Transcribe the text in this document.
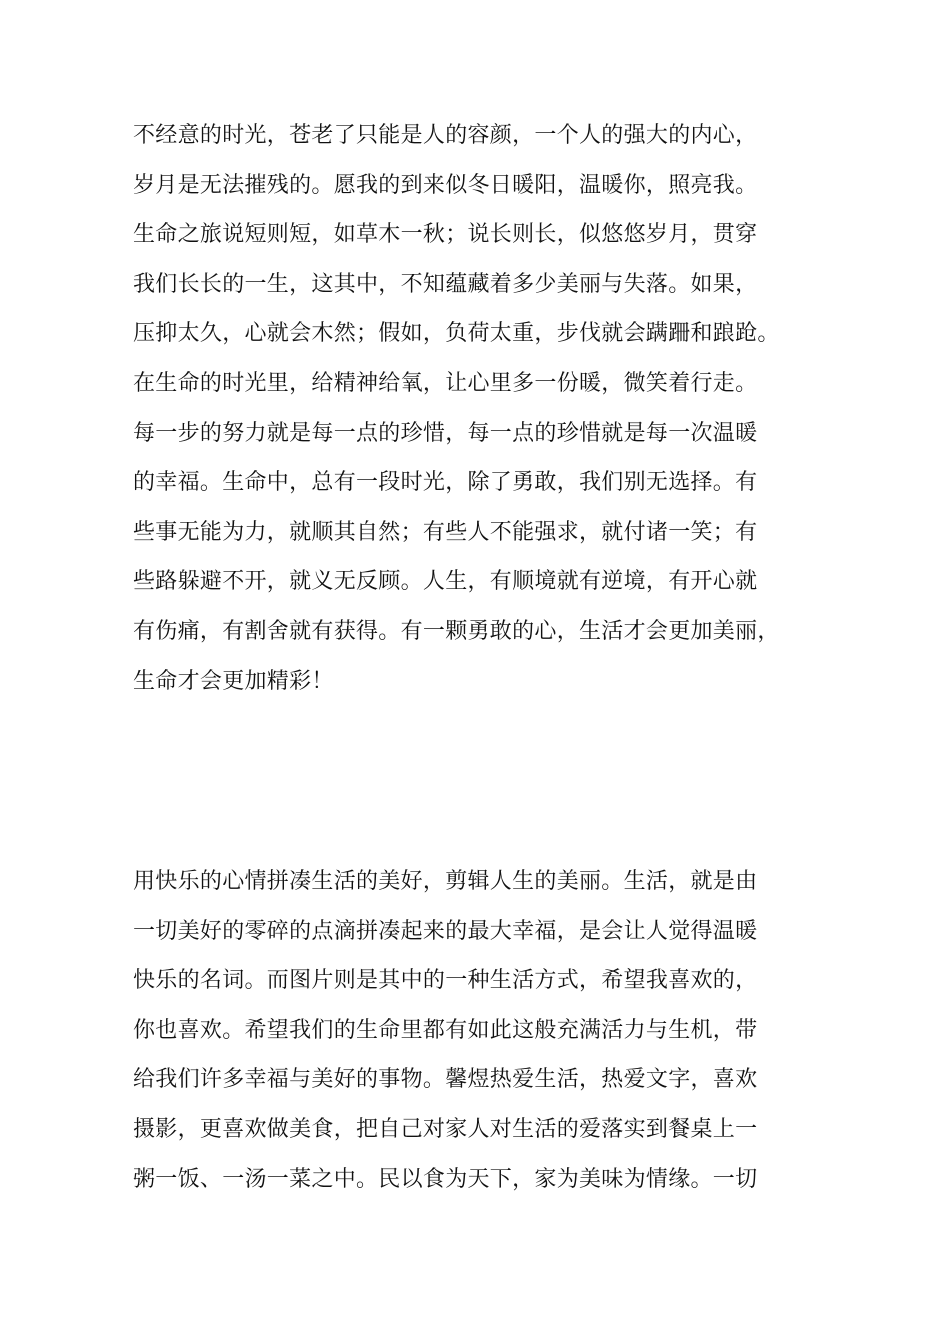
不经意的时光，苍老了只能是人的容颜，一个人的强大的内心，
岁月是无法摧残的。愿我的到来似冬日暖阳，温暖你，照亮我。
生命之旅说短则短，如草木一秋；说长则长，似悠悠岁月，贯穿
我们长长的一生，这其中，不知蕴藏着多少美丽与失落。如果，
压抑太久，心就会木然；假如，负荷太重，步伐就会蹒跚和踉跄。
在生命的时光里，给精神给氧，让心里多一份暖，微笑着行走。
每一步的努力就是每一点的珍惜，每一点的珍惜就是每一次温暖
的幸福。生命中，总有一段时光，除了勇敢，我们别无选择。有
些事无能为力，就顺其自然；有些人不能强求，就付诸一笑；有
些路躲避不开，就义无反顾。人生，有顺境就有逆境，有开心就
有伤痛，有割舍就有获得。有一颗勇敢的心，生活才会更加美丽，
生命才会更加精彩！
用快乐的心情拼凑生活的美好，剪辑人生的美丽。生活，就是由
一切美好的零碎的点滴拼凑起来的最大幸福，是会让人觉得温暖
快乐的名词。而图片则是其中的一种生活方式，希望我喜欢的，
你也喜欢。希望我们的生命里都有如此这般充满活力与生机，带
给我们许多幸福与美好的事物。馨煜热爱生活，热爱文字，喜欢
摄影，更喜欢做美食，把自己对家人对生活的爱落实到餐桌上一
粥一饭、一汤一菜之中。民以食为天下，家为美味为情缘。一切
